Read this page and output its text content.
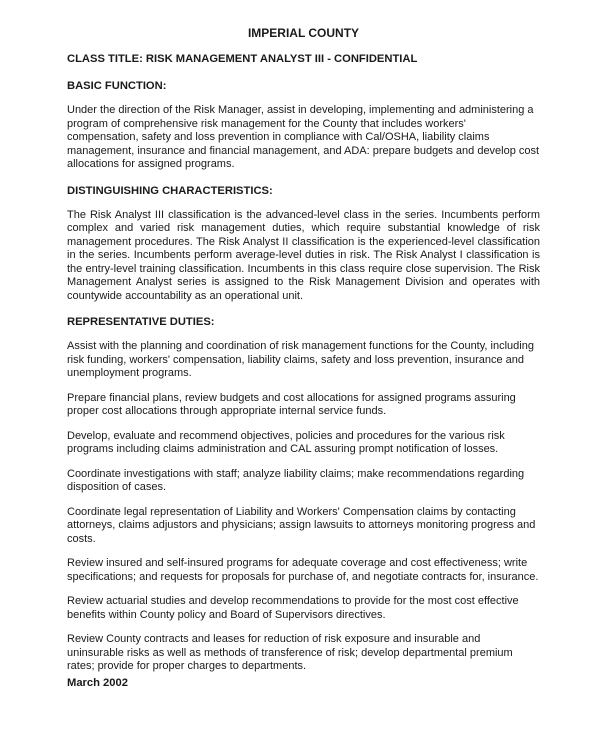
IMPERIAL COUNTY
CLASS TITLE: RISK MANAGEMENT ANALYST III - CONFIDENTIAL
BASIC FUNCTION:

Under the direction of the Risk Manager, assist in developing, implementing and administering a program of comprehensive risk management for the County that includes workers' compensation, safety and loss prevention in compliance with Cal/OSHA, liability claims management, insurance and financial management, and ADA: prepare budgets and develop cost allocations for assigned programs.

DISTINGUISHING CHARACTERISTICS:

The Risk Analyst III classification is the advanced-level class in the series. Incumbents perform complex and varied risk management duties, which require substantial knowledge of risk management procedures. The Risk Analyst II classification is the experienced-level classification in the series. Incumbents perform average-level duties in risk. The Risk Analyst I classification is the entry-level training classification. Incumbents in this class require close supervision. The Risk Management Analyst series is assigned to the Risk Management Division and operates with countywide accountability as an operational unit.

REPRESENTATIVE DUTIES:

Assist with the planning and coordination of risk management functions for the County, including risk funding, workers' compensation, liability claims, safety and loss prevention, insurance and unemployment programs.

Prepare financial plans, review budgets and cost allocations for assigned programs assuring proper cost allocations through appropriate internal service funds.

Develop, evaluate and recommend objectives, policies and procedures for the various risk programs including claims administration and CAL assuring prompt notification of losses.

Coordinate investigations with staff; analyze liability claims; make recommendations regarding disposition of cases.

Coordinate legal representation of Liability and Workers' Compensation claims by contacting attorneys, claims adjustors and physicians; assign lawsuits to attorneys monitoring progress and costs.

Review insured and self-insured programs for adequate coverage and cost effectiveness; write specifications; and requests for proposals for purchase of, and negotiate contracts for, insurance.

Review actuarial studies and develop recommendations to provide for the most cost effective benefits within County policy and Board of Supervisors directives.

Review County contracts and leases for reduction of risk exposure and insurable and uninsurable risks as well as methods of transference of risk; develop departmental premium rates; provide for proper charges to departments.

March 2002
